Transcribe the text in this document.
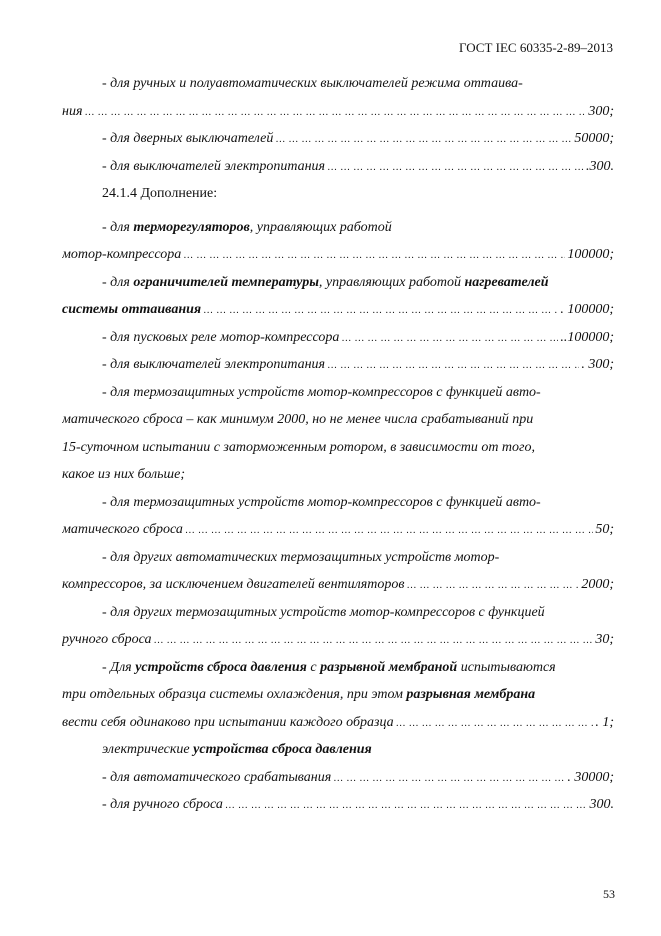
ГОСТ IEC 60335-2-89–2013
- для ручных и полуавтоматических выключателей режима оттаива-
ния ……………………………………………………………………………………………………………………………………………………………………………………………	300;
- для дверных выключателей ……………………………………………………………………………………………………………………………………………………………………………………………	50000;
- для выключателей электропитания ……………………………………………………………………………………………………………………………………………………………………………………………	.300.
24.1.4 Дополнение:
- для терморегуляторов, управляющих работой
мотор-компрессора ……………………………………………………………………………………………………………………………………………………………………………………………	100000;
- для ограничителей температуры, управляющих работой нагревателей
системы оттаивания ……………………………………………………………………………………………………………………………………………………………………………………………	. 100000;
- для пусковых реле мотор-компрессора ……………………………………………………………………………………………………………………………………………………………………………………………	..100000;
- для выключателей электропитания ……………………………………………………………………………………………………………………………………………………………………………………………	. 300;
- для термозащитных устройств мотор-компрессоров с функцией авто-
матического сброса – как минимум 2000, но не менее числа срабатываний при
15-суточном испытании с заторможенным ротором, в зависимости от того,
какое из них больше;
- для термозащитных устройств мотор-компрессоров с функцией авто-
матического сброса ……………………………………………………………………………………………………………………………………………………………………………………………	50;
- для других автоматических термозащитных устройств мотор-
компрессоров, за исключением двигателей вентиляторов ……………………………………………………………………………………………………………………………………………………………………………………………	2000;
- для других термозащитных устройств мотор-компрессоров с функцией
ручного сброса ……………………………………………………………………………………………………………………………………………………………………………………………	30;
- Для устройств сброса давления с разрывной мембраной испытываются
три отдельных образца системы охлаждения, при этом разрывная мембрана
вести себя одинаково при испытании каждого образца ……………………………………………………………………………………………………………………………………………………………………………………………	. 1;
электрические устройства сброса давления
- для автоматического срабатывания ……………………………………………………………………………………………………………………………………………………………………………………………	. 30000;
- для ручного сброса ……………………………………………………………………………………………………………………………………………………………………………………………	300.
53
